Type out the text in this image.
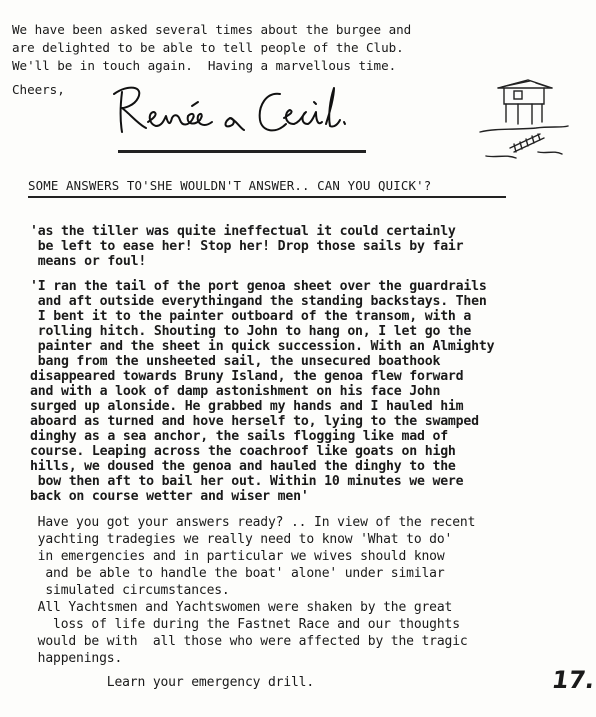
We have been asked several times about the burgee and
are delighted to be able to tell people of the Club.
We'll be in touch again.  Having a marvellous time.
Cheers,
SOME ANSWERS TO'SHE WOULDN'T ANSWER.. CAN YOU QUICK'?
'as the tiller was quite ineffectual it could certainly
be left to ease her! Stop her! Drop those sails by fair
means or foul!
'I ran the tail of the port genoa sheet over the guardrails
and aft outside everythingand the standing backstays. Then
I bent it to the painter outboard of the transom, with a
rolling hitch. Shouting to John to hang on, I let go the
painter and the sheet in quick succession. With an Almighty
bang from the unsheeted sail, the unsecured boathook
disappeared towards Bruny Island, the genoa flew forward
and with a look of damp astonishment on his face John
surged up alonside. He grabbed my hands and I hauled him
aboard as turned and hove herself to, lying to the swamped
dinghy as a sea anchor, the sails flogging like mad of
course. Leaping across the coachroof like goats on high
hills, we doused the genoa and hauled the dinghy to the
bow then aft to bail her out. Within 10 minutes we were
back on course wetter and wiser men'
Have you got your answers ready? .. In view of the recent
yachting tradegies we really need to know 'What to do'
in emergencies and in particular we wives should know
and be able to handle the boat' alone' under similar
simulated circumstances.
All Yachtsmen and Yachtswomen were shaken by the great
loss of life during the Fastnet Race and our thoughts
would be with  all those who were affected by the tragic
happenings.
Learn your emergency drill.	17.
